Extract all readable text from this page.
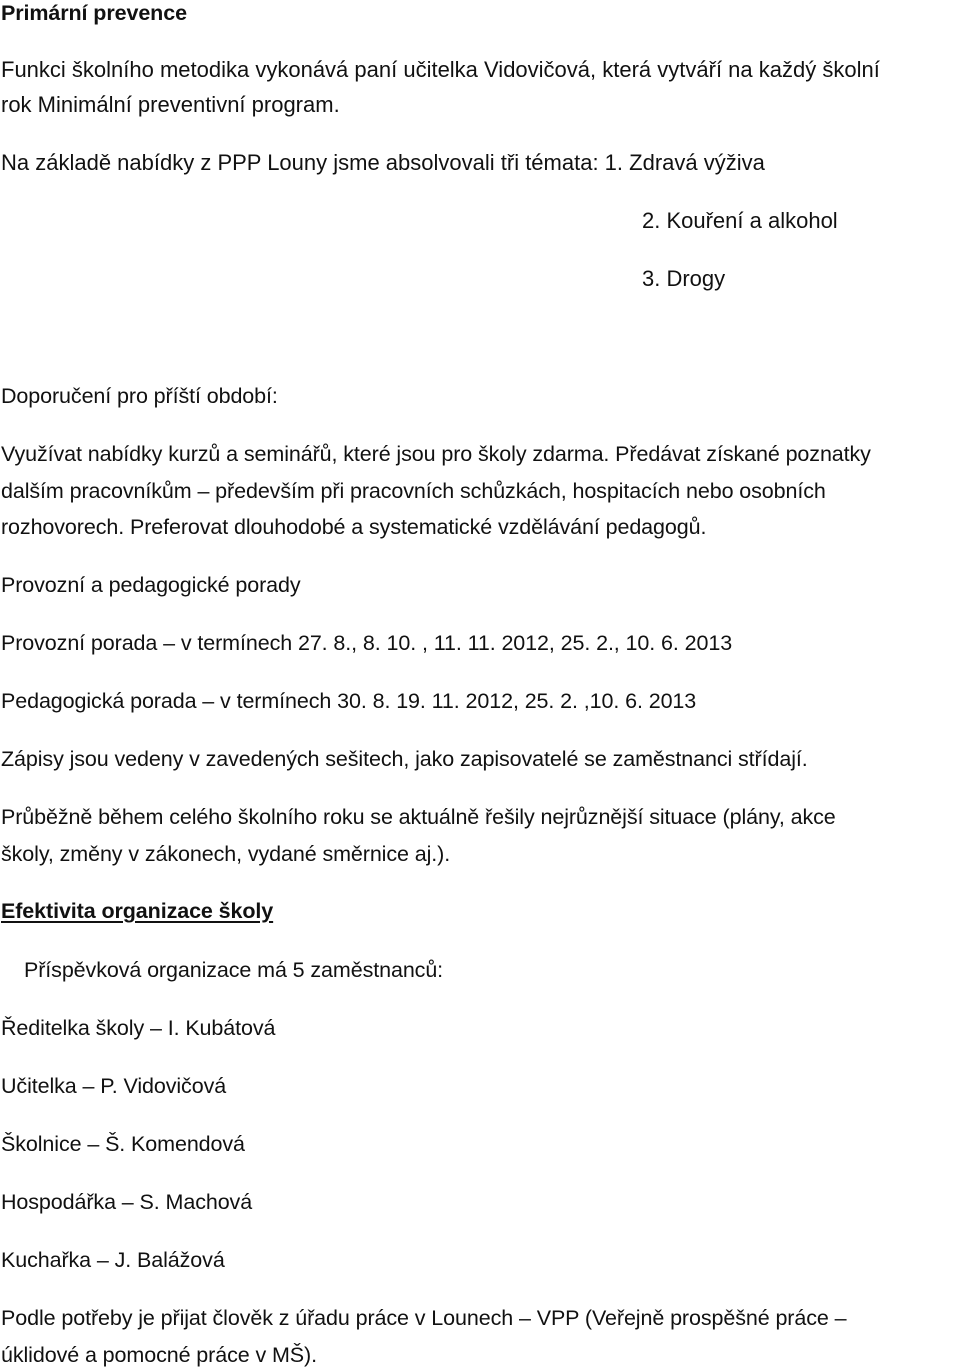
Primární prevence
Funkci školního metodika vykonává paní učitelka Vidovičová, která vytváří na každý školní
rok Minimální preventivní program.
Na základě nabídky z PPP Louny jsme absolvovali tři témata: 1. Zdravá výživa
2. Kouření a alkohol
3. Drogy
Doporučení pro příští období:
Využívat nabídky kurzů a seminářů, které jsou pro školy zdarma. Předávat získané poznatky
dalším pracovníkům – především při pracovních schůzkách, hospitacích nebo osobních
rozhovorech. Preferovat dlouhodobé a systematické vzdělávání pedagogů.
Provozní a pedagogické porady
Provozní porada – v termínech 27. 8., 8. 10. , 11. 11. 2012, 25. 2., 10. 6. 2013
Pedagogická porada – v termínech 30. 8. 19. 11. 2012, 25. 2. ,10. 6. 2013
Zápisy jsou vedeny v zavedených sešitech, jako zapisovatelé se zaměstnanci střídají.
Průběžně během celého školního roku se aktuálně řešily nejrůznější situace (plány, akce
školy, změny v zákonech, vydané směrnice aj.).
Efektivita organizace školy
Příspěvková organizace má 5 zaměstnanců:
Ředitelka školy – I. Kubátová
Učitelka – P. Vidovičová
Školnice – Š. Komendová
Hospodářka – S. Machová
Kuchařka – J. Balážová
Podle potřeby je přijat člověk z úřadu práce v Lounech – VPP (Veřejně prospěšné práce –
úklidové a pomocné práce v MŠ).
